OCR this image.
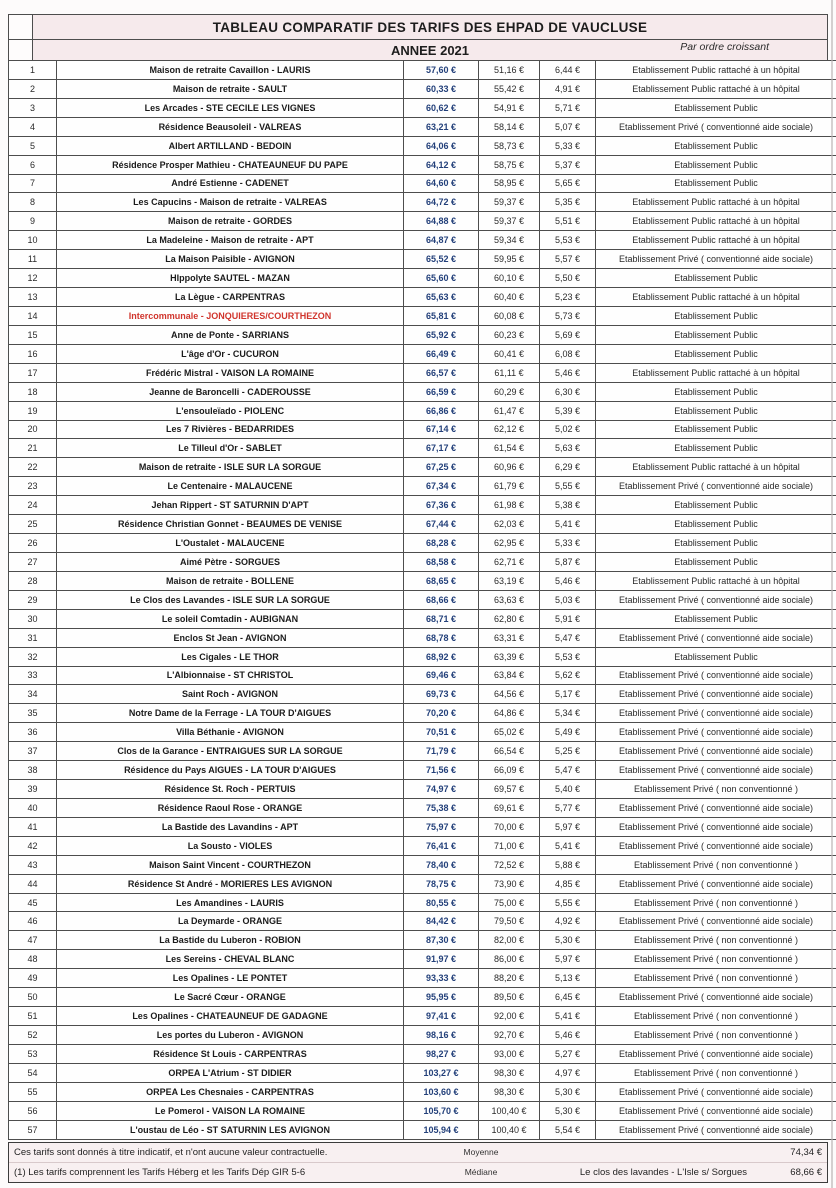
TABLEAU COMPARATIF DES TARIFS DES EHPAD DE VAUCLUSE
ANNEE 2021	Par ordre croissant
1	Maison de retraite Cavaillon - LAURIS	57,60 €	51,16 €	6,44 €	Etablissement Public rattaché à un hôpital
2	Maison de retraite - SAULT	60,33 €	55,42 €	4,91 €	Etablissement Public rattaché à un hôpital
3	Les Arcades - STE CECILE LES VIGNES	60,62 €	54,91 €	5,71 €	Etablissement Public
4	Résidence Beausoleil - VALREAS	63,21 €	58,14 €	5,07 €	Etablissement Privé ( conventionné aide sociale)
5	Albert ARTILLAND - BEDOIN	64,06 €	58,73 €	5,33 €	Etablissement Public
6	Résidence Prosper Mathieu - CHATEAUNEUF DU PAPE	64,12 €	58,75 €	5,37 €	Etablissement Public
7	André Estienne - CADENET	64,60 €	58,95 €	5,65 €	Etablissement Public
8	Les Capucins - Maison de retraite - VALREAS	64,72 €	59,37 €	5,35 €	Etablissement Public rattaché à un hôpital
9	Maison de retraite - GORDES	64,88 €	59,37 €	5,51 €	Etablissement Public rattaché à un hôpital
10	La Madeleine - Maison de retraite - APT	64,87 €	59,34 €	5,53 €	Etablissement Public rattaché à un hôpital
11	La Maison Paisible - AVIGNON	65,52 €	59,95 €	5,57 €	Etablissement Privé ( conventionné aide sociale)
12	HIppolyte SAUTEL - MAZAN	65,60 €	60,10 €	5,50 €	Etablissement Public
13	La Lègue - CARPENTRAS	65,63 €	60,40 €	5,23 €	Etablissement Public rattaché à un hôpital
14	Intercommunale - JONQUIERES/COURTHEZON	65,81 €	60,08 €	5,73 €	Etablissement Public
15	Anne de Ponte - SARRIANS	65,92 €	60,23 €	5,69 €	Etablissement Public
16	L'âge d'Or - CUCURON	66,49 €	60,41 €	6,08 €	Etablissement Public
17	Frédéric Mistral - VAISON LA ROMAINE	66,57 €	61,11 €	5,46 €	Etablissement Public rattaché à un hôpital
18	Jeanne de Baroncelli - CADEROUSSE	66,59 €	60,29 €	6,30 €	Etablissement Public
19	L'ensouleïado - PIOLENC	66,86 €	61,47 €	5,39 €	Etablissement Public
20	Les 7 Rivières - BEDARRIDES	67,14 €	62,12 €	5,02 €	Etablissement Public
21	Le Tilleul d'Or - SABLET	67,17 €	61,54 €	5,63 €	Etablissement Public
22	Maison de retraite - ISLE SUR LA SORGUE	67,25 €	60,96 €	6,29 €	Etablissement Public rattaché à un hôpital
23	Le Centenaire - MALAUCENE	67,34 €	61,79 €	5,55 €	Etablissement Privé ( conventionné aide sociale)
24	Jehan Rippert - ST SATURNIN D'APT	67,36 €	61,98 €	5,38 €	Etablissement Public
25	Résidence Christian Gonnet - BEAUMES DE VENISE	67,44 €	62,03 €	5,41 €	Etablissement Public
26	L'Oustalet - MALAUCENE	68,28 €	62,95 €	5,33 €	Etablissement Public
27	Aimé Pètre - SORGUES	68,58 €	62,71 €	5,87 €	Etablissement Public
28	Maison de retraite - BOLLENE	68,65 €	63,19 €	5,46 €	Etablissement Public rattaché à un hôpital
29	Le Clos des Lavandes - ISLE SUR LA SORGUE	68,66 €	63,63 €	5,03 €	Etablissement Privé ( conventionné aide sociale)
30	Le soleil Comtadin - AUBIGNAN	68,71 €	62,80 €	5,91 €	Etablissement Public
31	Enclos St Jean - AVIGNON	68,78 €	63,31 €	5,47 €	Etablissement Privé ( conventionné aide sociale)
32	Les Cigales - LE THOR	68,92 €	63,39 €	5,53 €	Etablissement Public
33	L'Albionnaise - ST CHRISTOL	69,46 €	63,84 €	5,62 €	Etablissement Privé ( conventionné aide sociale)
34	Saint Roch - AVIGNON	69,73 €	64,56 €	5,17 €	Etablissement Privé ( conventionné aide sociale)
35	Notre Dame de la Ferrage - LA TOUR D'AIGUES	70,20 €	64,86 €	5,34 €	Etablissement Privé ( conventionné aide sociale)
36	Villa Béthanie - AVIGNON	70,51 €	65,02 €	5,49 €	Etablissement Privé ( conventionné aide sociale)
37	Clos de la Garance - ENTRAIGUES SUR LA SORGUE	71,79 €	66,54 €	5,25 €	Etablissement Privé ( conventionné aide sociale)
38	Résidence du Pays AIGUES - LA TOUR D'AIGUES	71,56 €	66,09 €	5,47 €	Etablissement Privé ( conventionné aide sociale)
39	Résidence St. Roch - PERTUIS	74,97 €	69,57 €	5,40 €	Etablissement Privé ( non conventionné )
40	Résidence Raoul Rose - ORANGE	75,38 €	69,61 €	5,77 €	Etablissement Privé ( conventionné aide sociale)
41	La Bastide des Lavandins - APT	75,97 €	70,00 €	5,97 €	Etablissement Privé ( conventionné aide sociale)
42	La Sousto - VIOLES	76,41 €	71,00 €	5,41 €	Etablissement Privé ( conventionné aide sociale)
43	Maison Saint Vincent - COURTHEZON	78,40 €	72,52 €	5,88 €	Etablissement Privé ( non conventionné )
44	Résidence St André - MORIERES LES AVIGNON	78,75 €	73,90 €	4,85 €	Etablissement Privé ( conventionné aide sociale)
45	Les Amandines - LAURIS	80,55 €	75,00 €	5,55 €	Etablissement Privé ( non conventionné )
46	La Deymarde - ORANGE	84,42 €	79,50 €	4,92 €	Etablissement Privé ( conventionné aide sociale)
47	La Bastide du Luberon - ROBION	87,30 €	82,00 €	5,30 €	Etablissement Privé ( non conventionné )
48	Les Sereins - CHEVAL BLANC	91,97 €	86,00 €	5,97 €	Etablissement Privé ( non conventionné )
49	Les Opalines - LE PONTET	93,33 €	88,20 €	5,13 €	Etablissement Privé ( non conventionné )
50	Le Sacré Cœur - ORANGE	95,95 €	89,50 €	6,45 €	Etablissement Privé ( conventionné aide sociale)
51	Les Opalines - CHATEAUNEUF DE GADAGNE	97,41 €	92,00 €	5,41 €	Etablissement Privé ( non conventionné )
52	Les portes du Luberon - AVIGNON	98,16 €	92,70 €	5,46 €	Etablissement Privé ( non conventionné )
53	Résidence St Louis - CARPENTRAS	98,27 €	93,00 €	5,27 €	Etablissement Privé ( conventionné aide sociale)
54	ORPEA L'Atrium - ST DIDIER	103,27 €	98,30 €	4,97 €	Etablissement Privé ( non conventionné )
55	ORPEA Les Chesnaies - CARPENTRAS	103,60 €	98,30 €	5,30 €	Etablissement Privé ( conventionné aide sociale)
56	Le Pomerol - VAISON LA ROMAINE	105,70 €	100,40 €	5,30 €	Etablissement Privé ( conventionné aide sociale)
57	L'oustau de Léo - ST SATURNIN LES AVIGNON	105,94 €	100,40 €	5,54 €	Etablissement Privé ( conventionné aide sociale)
Ces tarifs sont donnés à titre indicatif, et n'ont aucune valeur contractuelle.	Moyenne	74,34 €
(1) Les tarifs comprennent les Tarifs Héberg et les Tarifs Dép GIR 5-6	Médiane	Le clos des lavandes - L'Isle s/ Sorgues	68,66 €
